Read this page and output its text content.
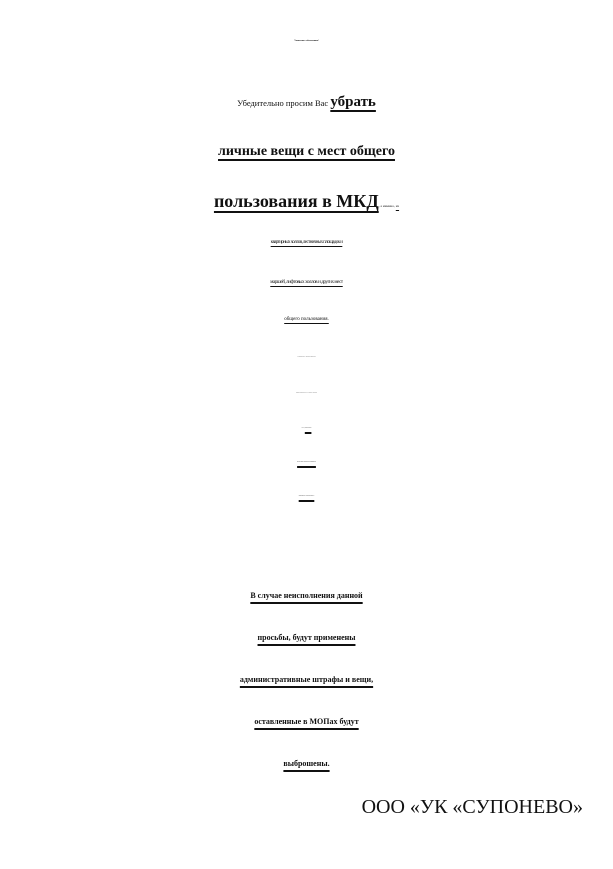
Уважаемые собственники!
Убедительно просим Вас убрать
личные вещи с мест общего
пользования в МКД, а именно, из
квартирных холлов, лестничных площадок и
маршей, лифтовых холлов и других мест
общего пользования.
В соответствии с Правилами содержания
общего имущества в МКД и Закона о Пожарной
должны быть заставлены посторонними
предметами и личными вещами!!!
В случае неисполнения данной
просьбы, будут применены
административные штрафы и вещи,
оставленные в МОПах будут
выброшены.
ООО «УК «СУПОНЕВО»
